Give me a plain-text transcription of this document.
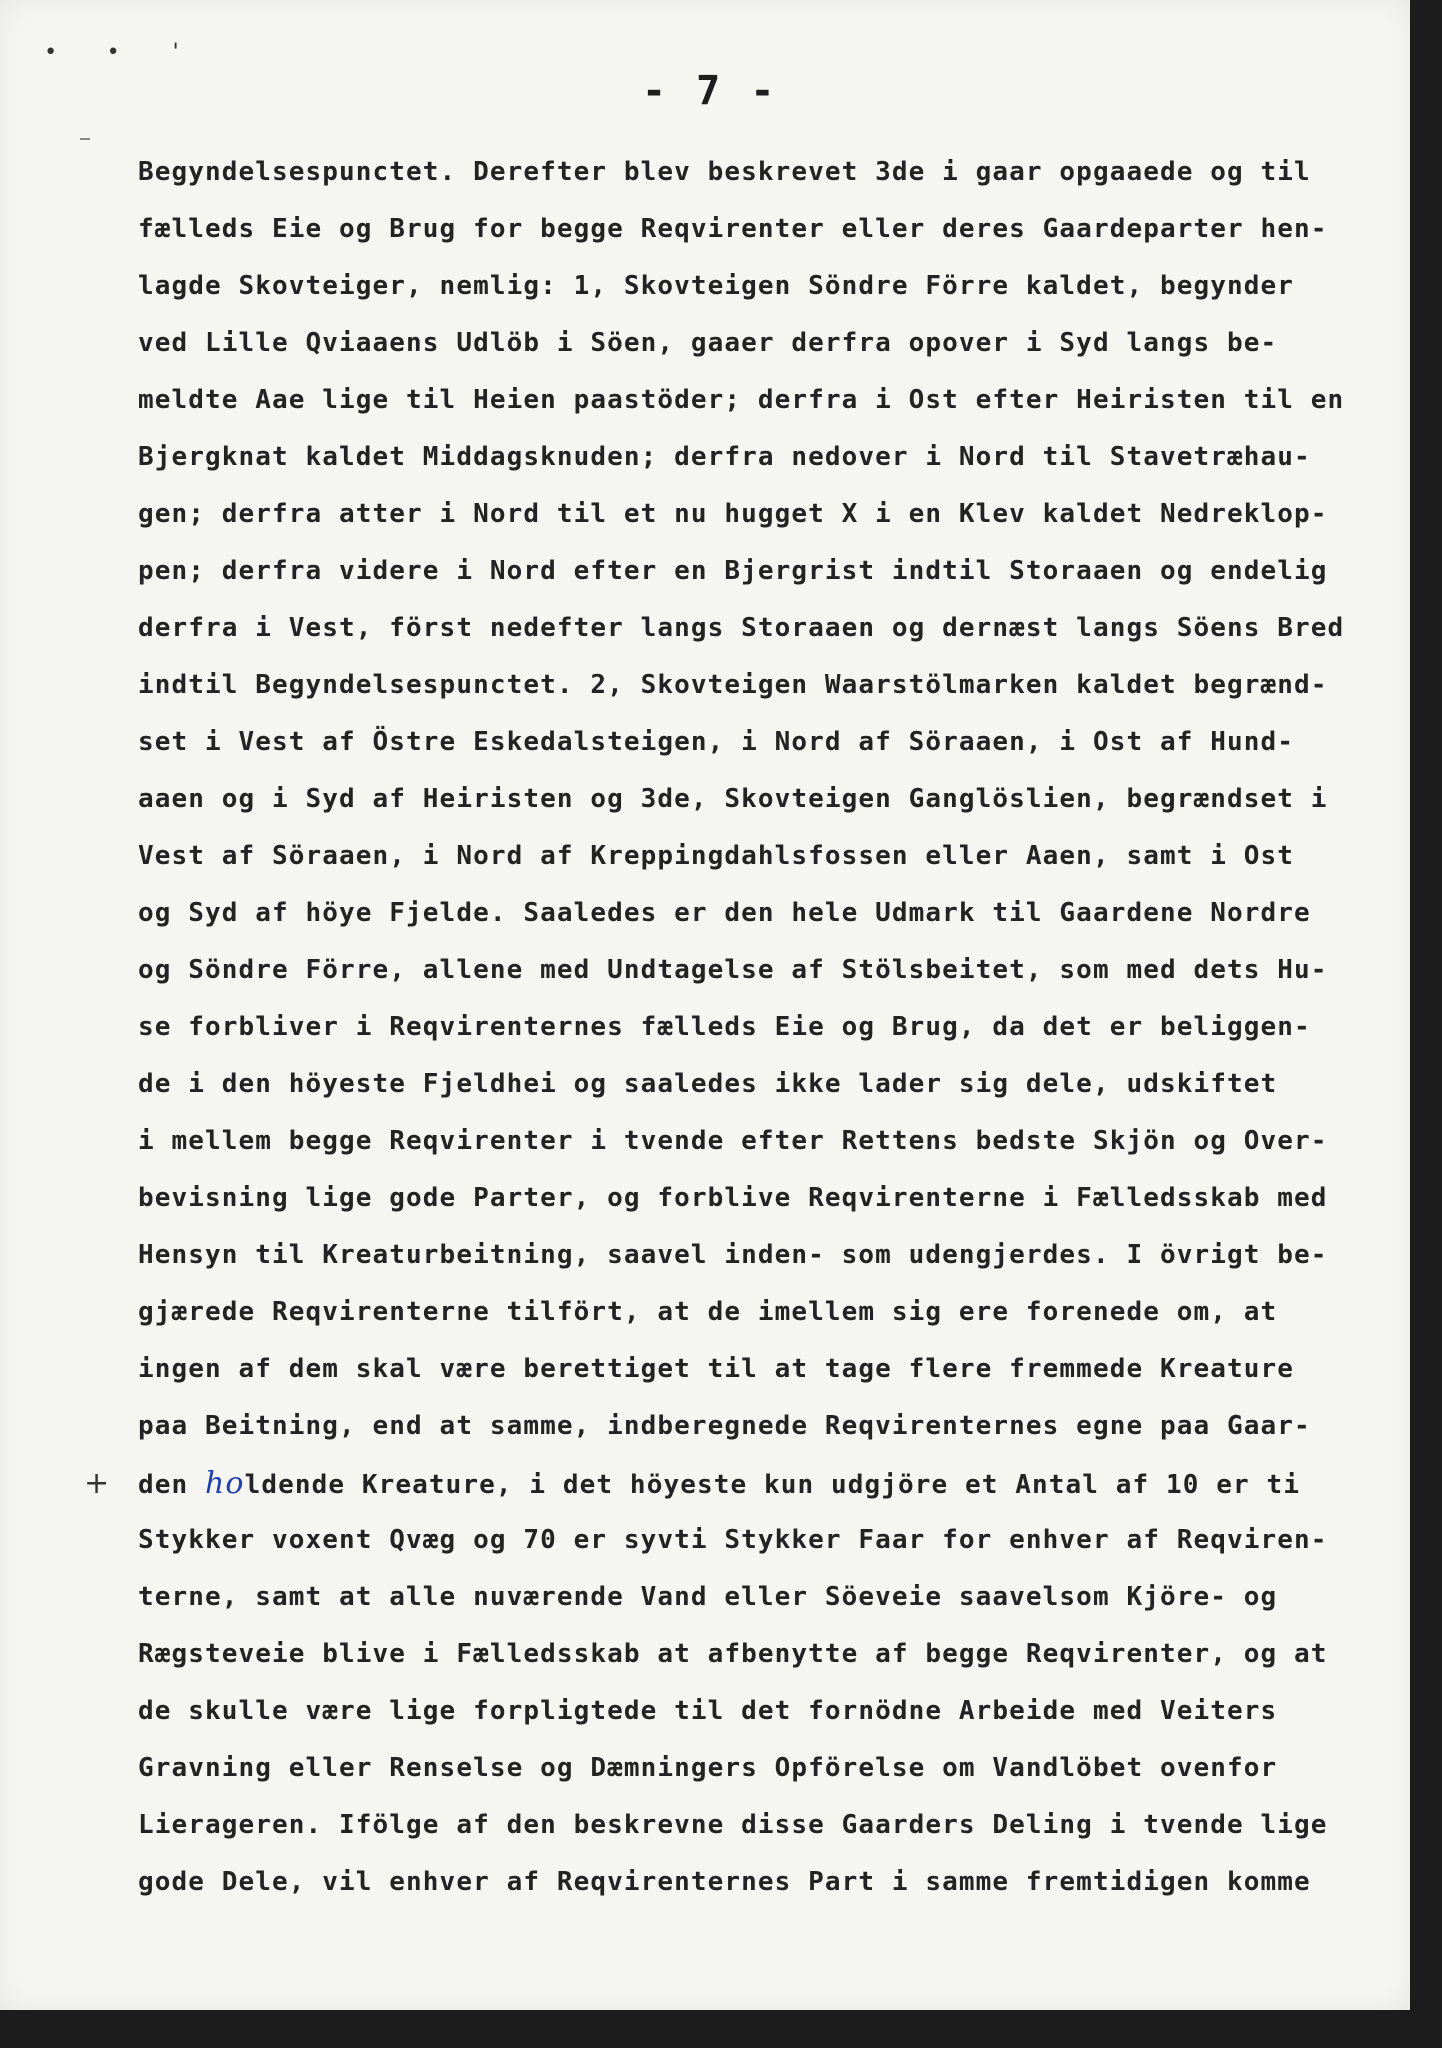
• • '
- 7 -
+
Begyndelsespunctet. Derefter blev beskrevet 3de i gaar opgaaede og til
fælleds Eie og Brug for begge Reqvirenter eller deres Gaardeparter hen-
lagde Skovteiger, nemlig: 1, Skovteigen Söndre Förre kaldet, begynder
ved Lille Qviaaens Udlöb i Söen, gaaer derfra opover i Syd langs be-
meldte Aae lige til Heien paastöder; derfra i Ost efter Heiristen til en
Bjergknat kaldet Middagsknuden; derfra nedover i Nord til Stavetræhau-
gen; derfra atter i Nord til et nu hugget X i en Klev kaldet Nedreklop-
pen; derfra videre i Nord efter en Bjergrist indtil Storaaen og endelig
derfra i Vest, först nedefter langs Storaaen og dernæst langs Söens Bred
indtil Begyndelsespunctet. 2, Skovteigen Waarstölmarken kaldet begrænd-
set i Vest af Östre Eskedalsteigen, i Nord af Söraaen, i Ost af Hund-
aaen og i Syd af Heiristen og 3de, Skovteigen Ganglöslien, begrændset i
Vest af Söraaen, i Nord af Kreppingdahlsfossen eller Aaen, samt i Ost
og Syd af höye Fjelde. Saaledes er den hele Udmark til Gaardene Nordre
og Söndre Förre, allene med Undtagelse af Stölsbeitet, som med dets Hu-
se forbliver i Reqvirenternes fælleds Eie og Brug, da det er beliggen-
de i den höyeste Fjeldhei og saaledes ikke lader sig dele, udskiftet
i mellem begge Reqvirenter i tvende efter Rettens bedste Skjön og Over-
bevisning lige gode Parter, og forblive Reqvirenterne i Fælledsskab med
Hensyn til Kreaturbeitning, saavel inden- som udengjerdes. I övrigt be-
gjærede Reqvirenterne tilfört, at de imellem sig ere forenede om, at
ingen af dem skal være berettiget til at tage flere fremmede Kreature
paa Beitning, end at samme, indberegnede Reqvirenternes egne paa Gaar-
den holdende Kreature, i det höyeste kun udgjöre et Antal af 10 er ti
Stykker voxent Qvæg og 70 er syvti Stykker Faar for enhver af Reqviren-
terne, samt at alle nuværende Vand eller Söeveie saavelsom Kjöre- og
Rægsteveie blive i Fælledsskab at afbenytte af begge Reqvirenter, og at
de skulle være lige forpligtede til det fornödne Arbeide med Veiters
Gravning eller Renselse og Dæmningers Opförelse om Vandlöbet ovenfor
Lierageren. Ifölge af den beskrevne disse Gaarders Deling i tvende lige
gode Dele, vil enhver af Reqvirenternes Part i samme fremtidigen komme
